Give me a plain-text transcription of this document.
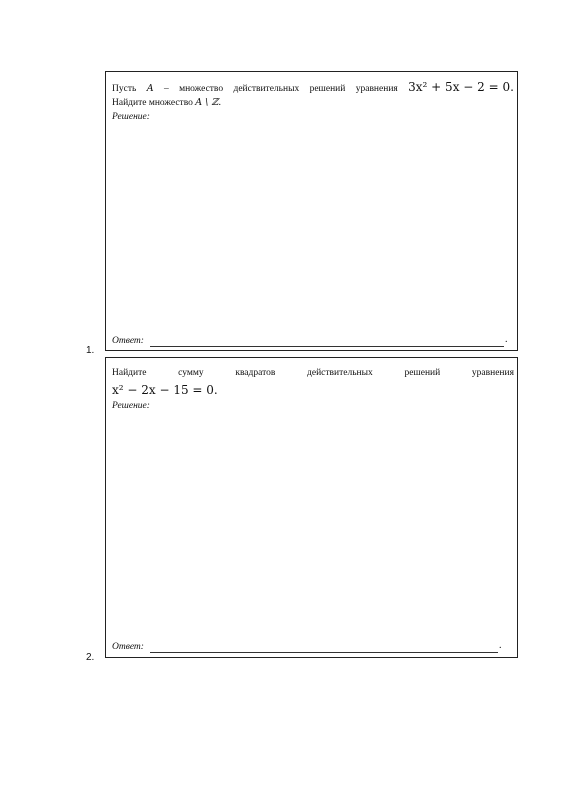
Пусть A – множество действительных решений уравнения 3x² + 5x − 2 = 0.
Найдите множество A \ ℤ.
Решение:
Ответ:	.
1.
Найдите	сумму	квадратов	действительных	решений	уравнения
x² − 2x − 15 = 0.
Решение:
Ответ:	.
2.
